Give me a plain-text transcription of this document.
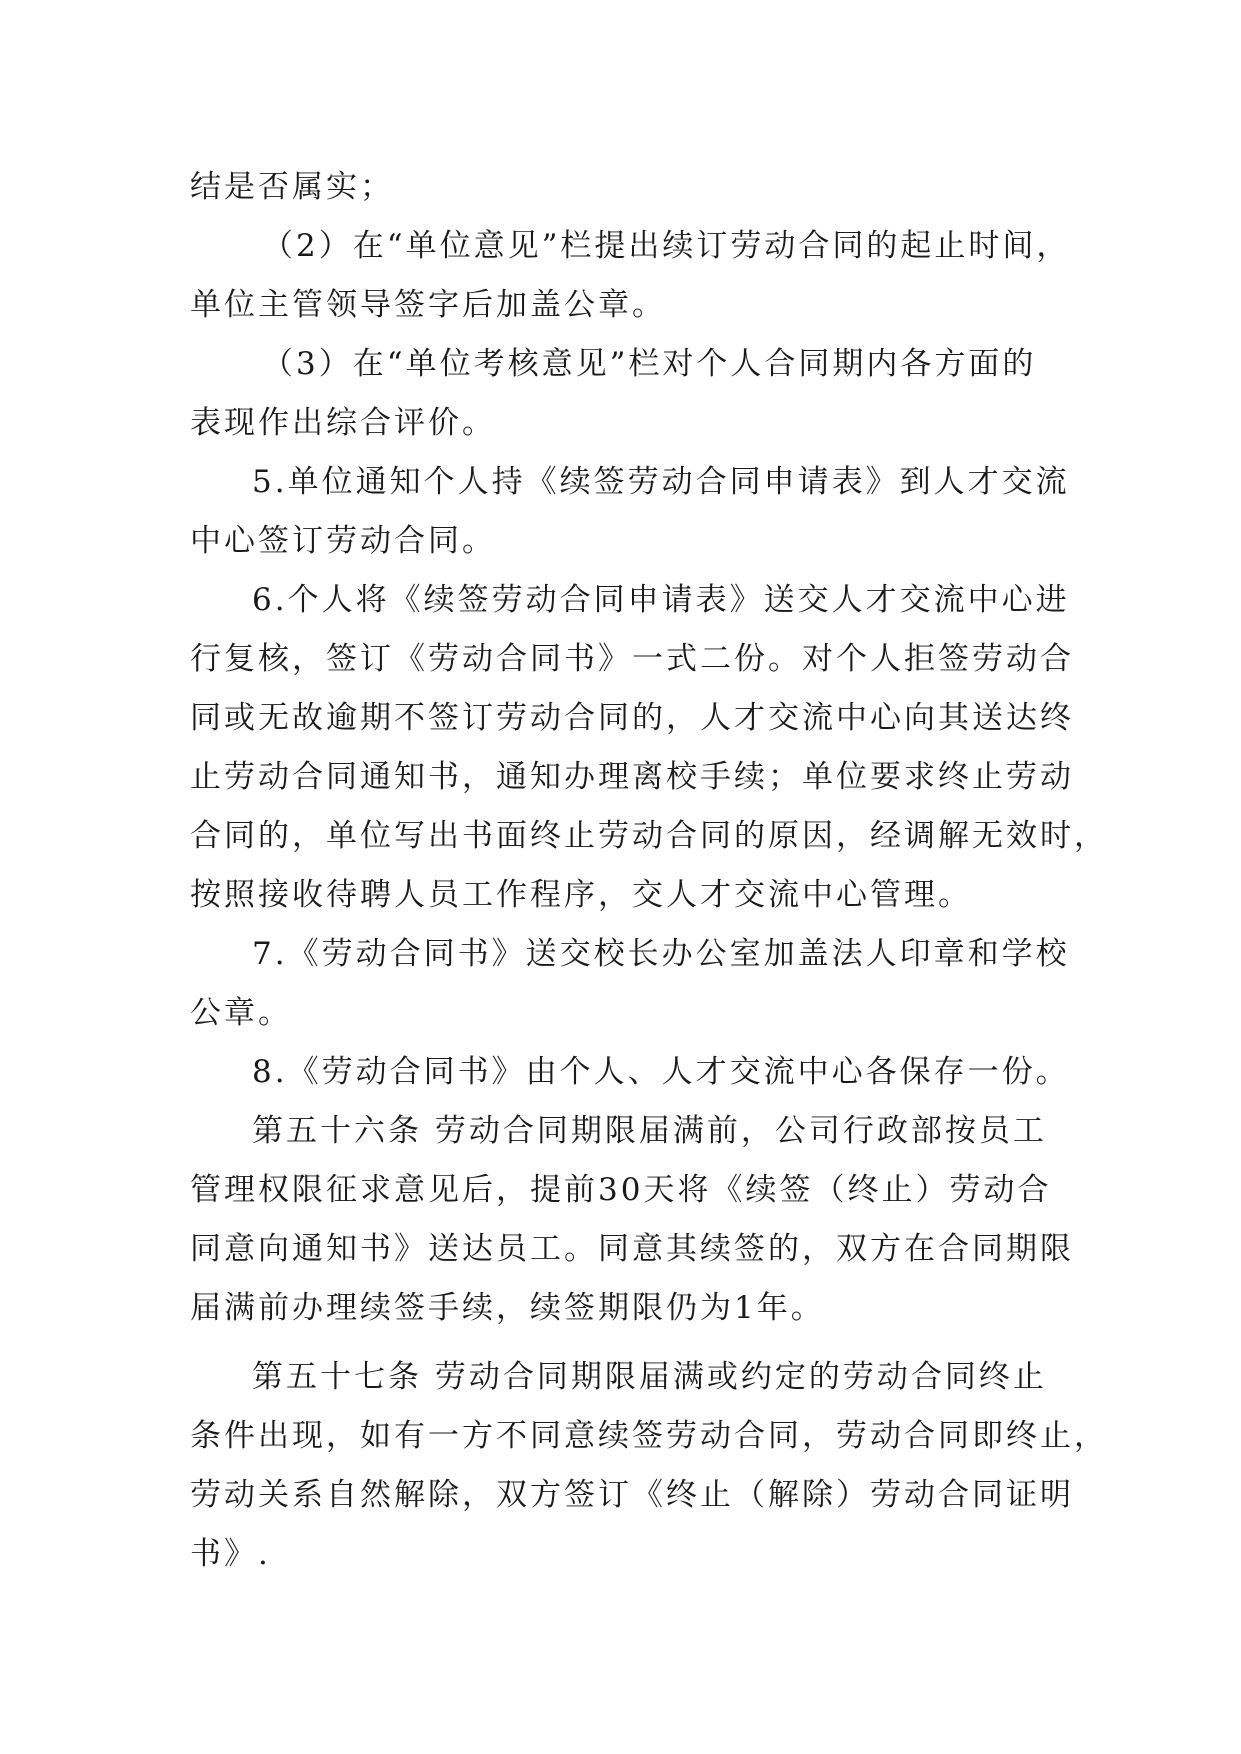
结是否属实；
（2）在“单位意见”栏提出续订劳动合同的起止时间，
单位主管领导签字后加盖公章。
（3）在“单位考核意见”栏对个人合同期内各方面的
表现作出综合评价。
5.单位通知个人持《续签劳动合同申请表》到人才交流
中心签订劳动合同。
6.个人将《续签劳动合同申请表》送交人才交流中心进
行复核，签订《劳动合同书》一式二份。对个人拒签劳动合
同或无故逾期不签订劳动合同的，人才交流中心向其送达终
止劳动合同通知书，通知办理离校手续；单位要求终止劳动
合同的，单位写出书面终止劳动合同的原因，经调解无效时，
按照接收待聘人员工作程序，交人才交流中心管理。
7.《劳动合同书》送交校长办公室加盖法人印章和学校
公章。
8.《劳动合同书》由个人、人才交流中心各保存一份。
第五十六条 劳动合同期限届满前，公司行政部按员工
管理权限征求意见后，提前30天将《续签（终止）劳动合
同意向通知书》送达员工。同意其续签的，双方在合同期限
届满前办理续签手续，续签期限仍为1年。
第五十七条 劳动合同期限届满或约定的劳动合同终止
条件出现，如有一方不同意续签劳动合同，劳动合同即终止，
劳动关系自然解除，双方签订《终止（解除）劳动合同证明
书》.
